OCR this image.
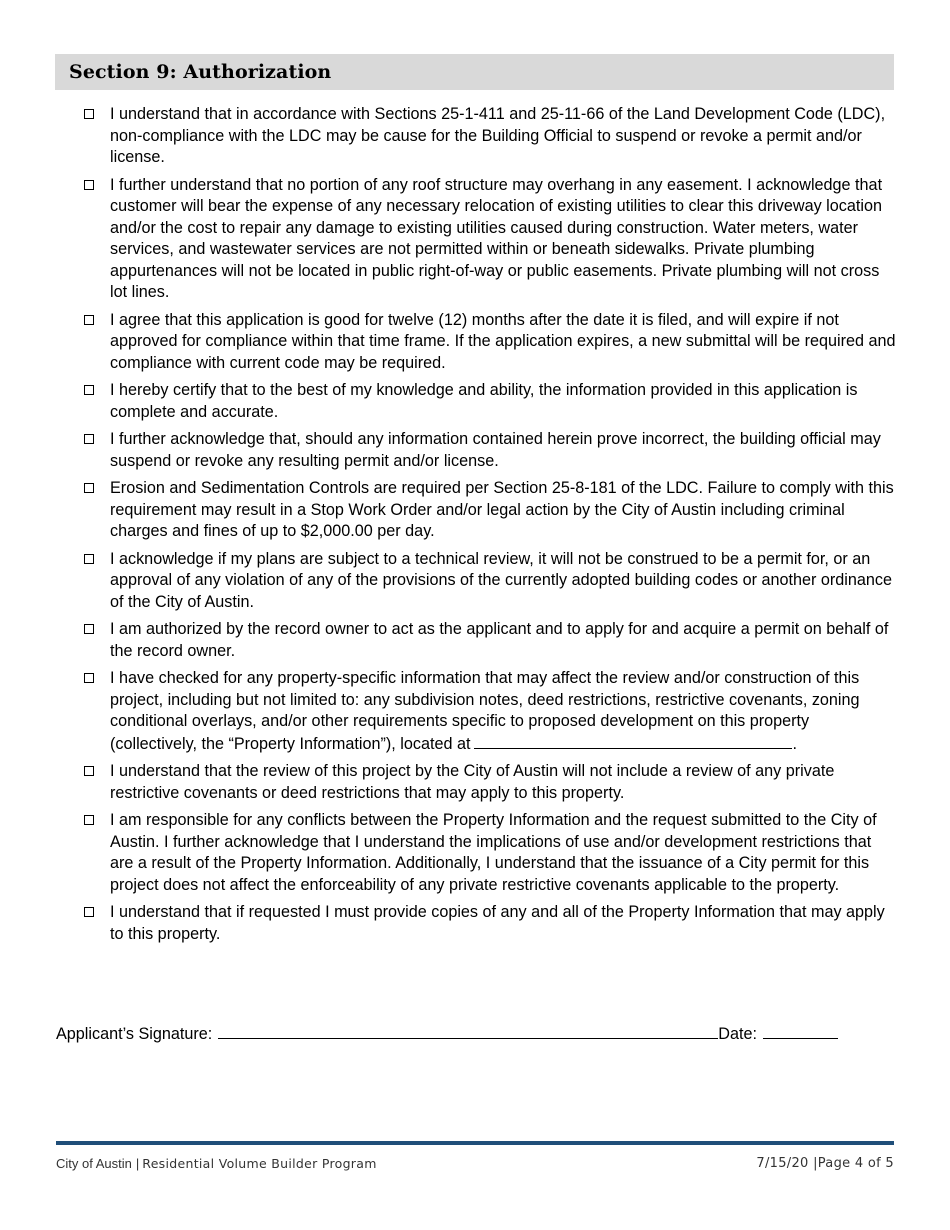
Section 9: Authorization
I understand that in accordance with Sections 25-1-411 and 25-11-66 of the Land Development Code (LDC), non-compliance with the LDC may be cause for the Building Official to suspend or revoke a permit and/or license.
I further understand that no portion of any roof structure may overhang in any easement. I acknowledge that customer will bear the expense of any necessary relocation of existing utilities to clear this driveway location and/or the cost to repair any damage to existing utilities caused during construction. Water meters, water services, and wastewater services are not permitted within or beneath sidewalks. Private plumbing appurtenances will not be located in public right-of-way or public easements. Private plumbing will not cross lot lines.
I agree that this application is good for twelve (12) months after the date it is filed, and will expire if not approved for compliance within that time frame. If the application expires, a new submittal will be required and compliance with current code may be required.
I hereby certify that to the best of my knowledge and ability, the information provided in this application is complete and accurate.
I further acknowledge that, should any information contained herein prove incorrect, the building official may suspend or revoke any resulting permit and/or license.
Erosion and Sedimentation Controls are required per Section 25-8-181 of the LDC. Failure to comply with this requirement may result in a Stop Work Order and/or legal action by the City of Austin including criminal charges and fines of up to $2,000.00 per day.
I acknowledge if my plans are subject to a technical review, it will not be construed to be a permit for, or an approval of any violation of any of the provisions of the currently adopted building codes or another ordinance of the City of Austin.
I am authorized by the record owner to act as the applicant and to apply for and acquire a permit on behalf of the record owner.
I have checked for any property-specific information that may affect the review and/or construction of this project, including but not limited to: any subdivision notes, deed restrictions, restrictive covenants, zoning conditional overlays, and/or other requirements specific to proposed development on this property (collectively, the “Property Information”), located at	.
I understand that the review of this project by the City of Austin will not include a review of any private restrictive covenants or deed restrictions that may apply to this property.
I am responsible for any conflicts between the Property Information and the request submitted to the City of Austin. I further acknowledge that I understand the implications of use and/or development restrictions that are a result of the Property Information. Additionally, I understand that the issuance of a City permit for this project does not affect the enforceability of any private restrictive covenants applicable to the property.
I understand that if requested I must provide copies of any and all of the Property Information that may apply to this property.
Applicant’s Signature:	Date:
City of Austin | Residential Volume Builder Program	7/15/20 |Page 4 of 5
